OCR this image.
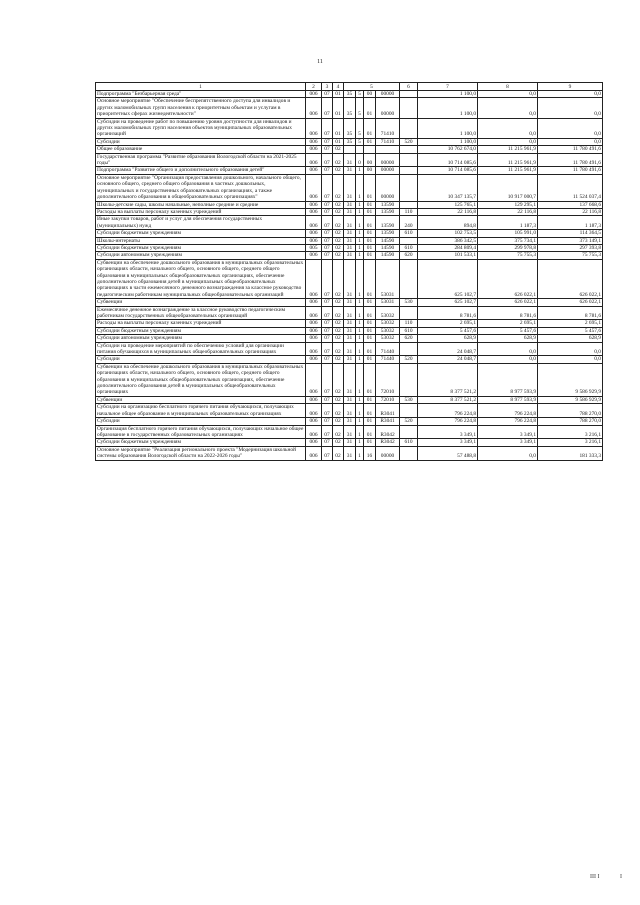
11
1	2	3	4	5				6	7	8	9
Подпрограмма "Безбарьерная среда"	006	07	01	35	5	00	00000		1 100,0	0,0	0,0
Основное мероприятие "Обеспечение беспрепятственного доступа для инвалидов и других маломобильных групп населения к приоритетным объектам и услугам в приоритетных сферах жизнедеятельности"	006	07	01	35	5	01	00000		1 100,0	0,0	0,0
Субсидии на проведение работ по повышению уровня доступности для инвалидов и других маломобильных групп населения объектов муниципальных образовательных организаций	006	07	01	35	5	01	71410		1 100,0	0,0	0,0
Субсидии	006	07	01	35	5	01	71410	520	1 100,0	0,0	0,0
Общее образование	006	07	02						10 762 674,0	11 215 961,9	11 780 491,6
Государственная программа "Развитие образования Вологодской области на 2021-2025 годы"	006	07	02	31	0	00	00000		10 714 085,6	11 215 961,9	11 780 491,6
Подпрограмма "Развитие общего и дополнительного образования детей"	006	07	02	31	1	00	00000		10 714 085,6	11 215 961,9	11 780 491,6
Основное мероприятие "Организация предоставления дошкольного, начального общего, основного общего, среднего общего образования в частных дошкольных, муниципальных и государственных образовательных организациях, а также дополнительного образования в общеобразовательных организациях"	006	07	02	31	1	01	00000		10 347 135,7	10 917 000,7	11 524 037,4
Школы-детские сады, школы начальные, неполные средние и средние	006	07	02	31	1	01	13590		125 765,1	129 295,1	137 668,6
Расходы на выплаты персоналу казенных учреждений	006	07	02	31	1	01	13590	110	22 116,8	22 116,8	22 116,8
Иные закупки товаров, работ и услуг для обеспечения государственных (муниципальных) нужд	006	07	02	31	1	01	13590	240	894,8	1 187,3	1 187,3
Субсидии бюджетным учреждениям	006	07	02	31	1	01	13590	610	102 753,5	105 991,0	114 364,5
Школы-интернаты	006	07	02	31	1	01	14590		386 342,5	375 734,1	373 149,1
Субсидии бюджетным учреждениям	005	07	02	31	1	01	14590	610	284 809,4	299 978,8	297 393,8
Субсидии автономным учреждениям	006	07	02	31	1	01	14590	620	101 533,1	75 755,3	75 755,3
Субвенции на обеспечение дошкольного образования в муниципальных образовательных организациях области, начального общего, основного общего, среднего общего образования в муниципальных общеобразовательных организациях, обеспечение дополнительного образования детей в муниципальных общеобразовательных организациях в части ежемесячного денежного вознаграждения за классное руководство педагогическим работникам муниципальных общеобразовательных организаций	006	07	02	31	1	01	53031		625 102,7	626 022,1	626 022,1
Субвенции	006	07	02	31	1	01	53031	530	625 102,7	626 022,1	626 022,1
Ежемесячное денежное вознаграждение за классное руководство педагогическим работникам государственных общеобразовательных организаций	006	07	02	31	1	01	53032		8 781,6	8 781,6	8 781,6
Расходы на выплаты персоналу казенных учреждений	006	07	02	31	1	01	53032	110	2 695,1	2 695,1	2 695,1
Субсидии бюджетным учреждениям	006	07	02	31	1	01	53032	610	5 457,6	5 457,6	5 457,6
Субсидии автономным учреждениям	006	07	02	31	1	01	53032	620	628,9	628,9	628,9
Субсидии на проведение мероприятий по обеспечению условий для организации питания обучающихся в муниципальных общеобразовательных организациях	006	07	02	31	1	01	71440		24 048,7	0,0	0,0
Субсидии	006	07	02	31	1	01	71440	520	24 048,7	0,0	0,0
Субвенции на обеспечение дошкольного образования в муниципальных образовательных организациях области, начального общего, основного общего, среднего общего образования в муниципальных общеобразовательных организациях, обеспечение дополнительного образования детей в муниципальных общеобразовательных организациях	006	07	02	31	1	01	72010		8 377 521,2	8 977 593,9	9 586 929,9
Субвенции	006	07	02	31	1	01	72010	530	8 377 521,2	8 977 593,9	9 586 929,9
Субсидии на организацию бесплатного горячего питания обучающихся, получающих начальное общее образование в муниципальных образовательных организациях	006	07	02	31	1	01	R3041		796 224,8	796 224,8	788 270,0
Субсидии	006	07	02	31	1	01	R3041	520	796 224,8	796 224,8	788 270,0
Организация бесплатного горячего питания обучающихся, получающих начальное общее образование в государственных образовательных организациях	006	07	02	31	1	01	R3042		3 349,1	3 349,1	3 216,1
Субсидии бюджетным учреждениям	006	07	02	31	1	01	R3042	610	3 349,1	3 349,1	3 216,1
Основное мероприятие "Реализация регионального проекта "Модернизация школьной системы образования Вологодской области на 2022-2026 годы"	006	07	02	31	1	16	00000		57 488,8	0,0	181 333,3
III I	I
